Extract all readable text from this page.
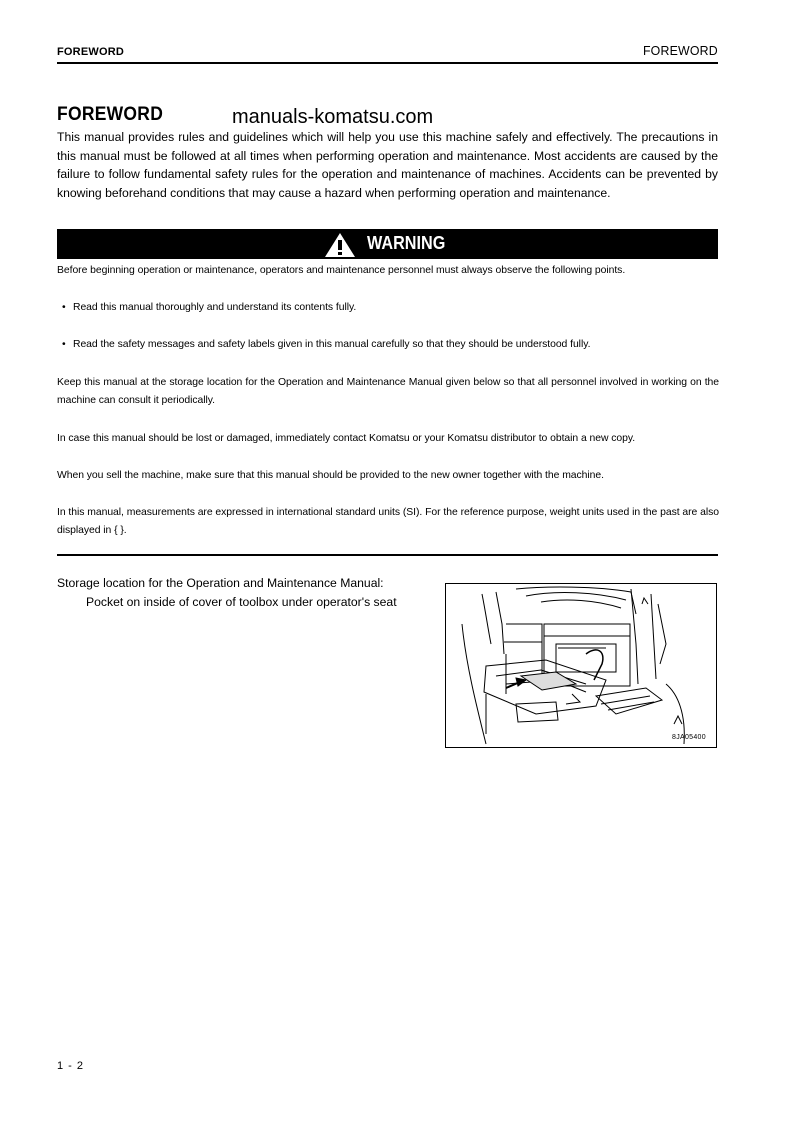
FOREWORD	FOREWORD
FOREWORD	manuals-komatsu.com
This manual provides rules and guidelines which will help you use this machine safely and effectively. The precautions in this manual must be followed at all times when performing operation and maintenance. Most accidents are caused by the failure to follow fundamental safety rules for the operation and maintenance of machines. Accidents can be prevented by knowing beforehand conditions that may cause a hazard when performing operation and maintenance.
WARNING
Before beginning operation or maintenance, operators and maintenance personnel must always observe the following points.
• Read this manual thoroughly and understand its contents fully.
• Read the safety messages and safety labels given in this manual carefully so that they should be understood fully.
Keep this manual at the storage location for the Operation and Maintenance Manual given below so that all personnel involved in working on the machine can consult it periodically.
In case this manual should be lost or damaged, immediately contact Komatsu or your Komatsu distributor to obtain a new copy.
When you sell the machine, make sure that this manual should be provided to the new owner together with the machine.
In this manual, measurements are expressed in international standard units (SI). For the reference purpose, weight units used in the past are also displayed in { }.
Storage location for the Operation and Maintenance Manual:
Pocket on inside of cover of toolbox under operator's seat
8JA05400
1 - 2
